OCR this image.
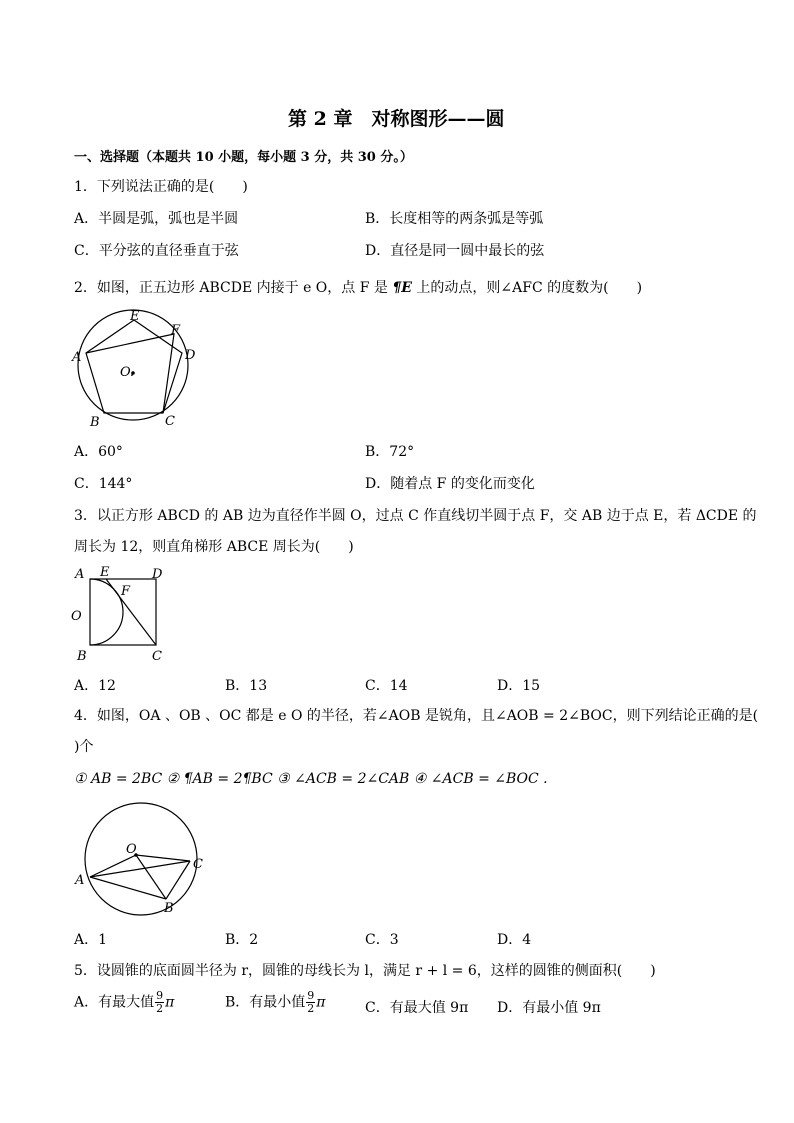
第 2 章　对称图形——圆
一、选择题（本题共 10 小题，每小题 3 分，共 30 分。）
1．下列说法正确的是(　　)
A．半圆是弧，弧也是半圆	B．长度相等的两条弧是等弧
C．平分弦的直径垂直于弦	D．直径是同一圆中最长的弦
2．如图，正五边形 ABCDE 内接于 e O，点 F 是 ¶E 上的动点，则∠AFC 的度数为(　　)
E
F
A	D
O.
B	C
A．60°	B．72°
C．144°	D．随着点 F 的变化而变化
3．以正方形 ABCD 的 AB 边为直径作半圆 O，过点 C 作直线切半圆于点 F，交 AB 边于点 E，若 ΔCDE 的
周长为 12，则直角梯形 ABCE 周长为(　　)
A E	D
F
O
B	C
A．12	B．13	C．14	D．15
4．如图，OA 、OB 、OC 都是 e O 的半径，若∠AOB 是锐角，且∠AOB = 2∠BOC，则下列结论正确的是(
)个
① AB = 2BC ② ¶AB = 2¶BC ③ ∠ACB = 2∠CAB ④ ∠ACB = ∠BOC .
O
C
A
B
A．1	B．2	C．3	D．4
5．设圆锥的底面圆半径为 r，圆锥的母线长为 l，满足 r + l = 6，这样的圆锥的侧面积(　　)
A．有最大值 $\frac{9}{2}$ π	B．有最小值 $\frac{9}{2}$ π	C．有最大值 9π D．有最小值 9π
